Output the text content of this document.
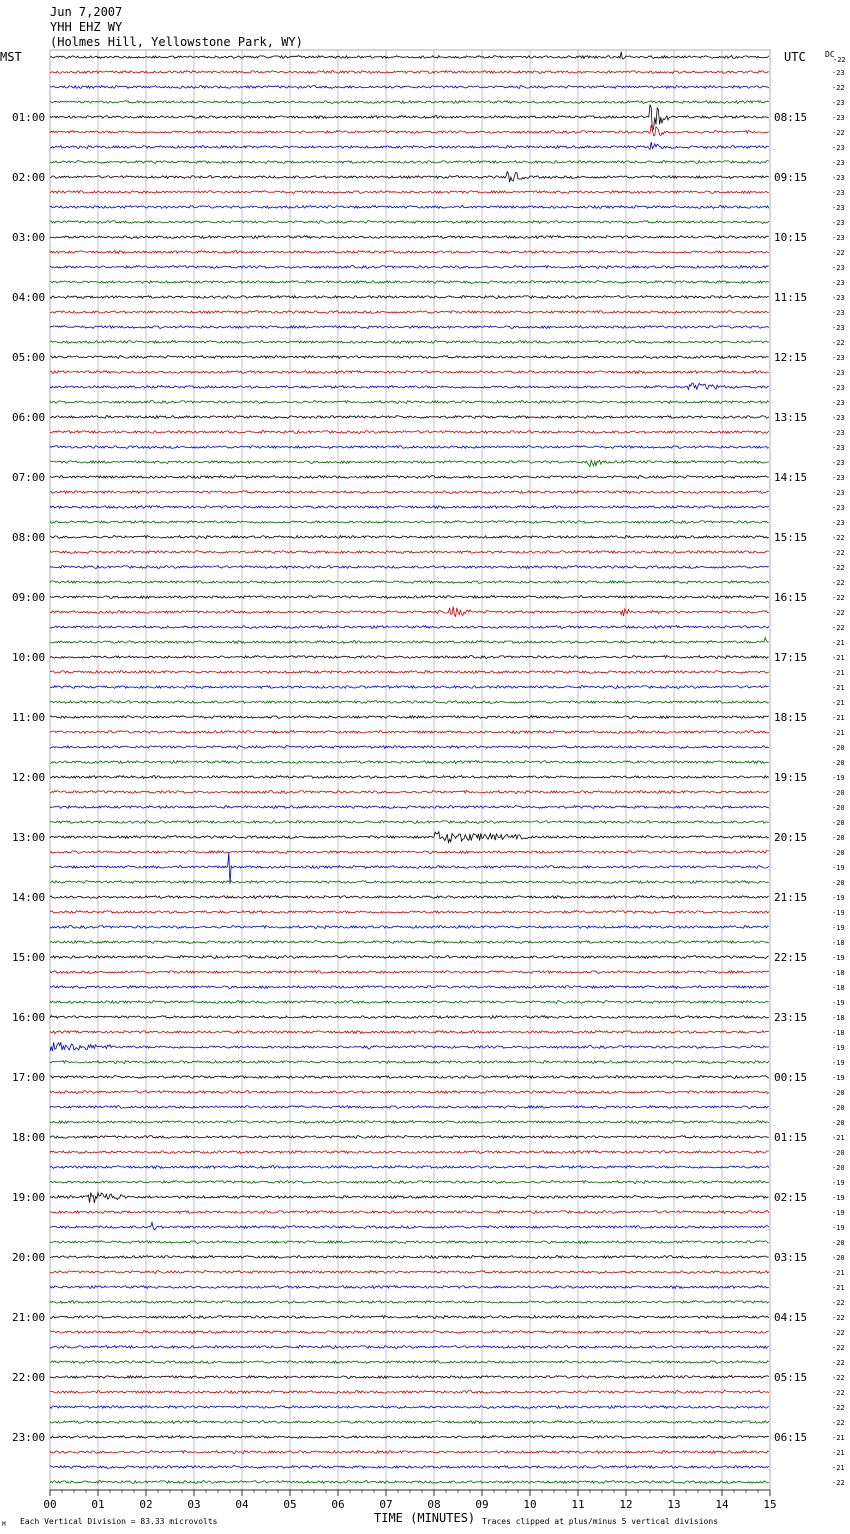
Jun 7,2007
YHH EHZ WY
(Holmes Hill, Yellowstone Park, WY)
MST	UTC DC
-22
TIME (MINUTES)
Each Vertical Division = 83.33 microvolts	Traces clipped at plus/minus 5 vertical divisions
M
-23
-22
-23
-23
-22
-23
-23
-23
-23
-23
-23
-23
-22
-23
-23
-23
-23
-23
-22
-23
-23
-23
-23
-23
-23
-23
-23
-23
-23
-23
-23
-22
-22
-22
-22
-22
-22
-22
-21
-21
-21
-21
-21
-21
-21
-20
-20
-19
-20
-20
-20
-20
-20
-19
-20
-19
-19
-19
-18
-19
-18
-18
-19
-18
-18
-19
-19
-19
-20
-20
-20
-21
-20
-20
-19
-19
-19
-19
-20
-20
-21
-21
-22
-22
-22
-22
-22
-22
-22
-22
-22
-21
-21
-21
-22
01:00
02:00
03:00
04:00
05:00
06:00
07:00
08:00
09:00
10:00
11:00
12:00
13:00
14:00
15:00
16:00
17:00
18:00
19:00
20:00
21:00
22:00
23:00
08:15
09:15
10:15
11:15
12:15
13:15
14:15
15:15
16:15
17:15
18:15
19:15
20:15
21:15
22:15
23:15
00:15
01:15
02:15
03:15
04:15
05:15
06:15
00	01	02	03	04	05	06	07	08	09	10	11	12	13	14	15
